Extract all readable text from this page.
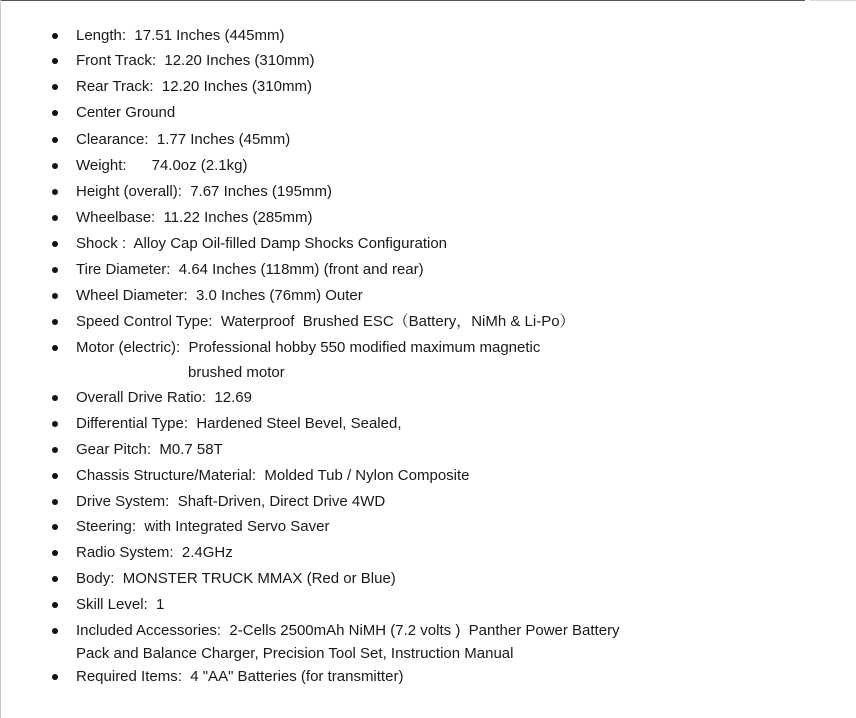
Length:  17.51 Inches (445mm)
Front Track:  12.20 Inches (310mm)
Rear Track:  12.20 Inches (310mm)
Center Ground
Clearance:  1.77 Inches (45mm)
Weight:      74.0oz (2.1kg)
Height (overall):  7.67 Inches (195mm)
Wheelbase:  11.22 Inches (285mm)
Shock :  Alloy Cap Oil-filled Damp Shocks Configuration
Tire Diameter:  4.64 Inches (118mm) (front and rear)
Wheel Diameter:  3.0 Inches (76mm) Outer
Speed Control Type:  Waterproof  Brushed ESC（Battery，NiMh & Li-Po）
Motor (electric):  Professional hobby 550 modified maximum magnetic
brushed motor
Overall Drive Ratio:  12.69
Differential Type:  Hardened Steel Bevel, Sealed,
Gear Pitch:  M0.7 58T
Chassis Structure/Material:  Molded Tub / Nylon Composite
Drive System:  Shaft-Driven, Direct Drive 4WD
Steering:  with Integrated Servo Saver
Radio System:  2.4GHz
Body:  MONSTER TRUCK MMAX (Red or Blue)
Skill Level:  1
Included Accessories:  2-Cells 2500mAh NiMH (7.2 volts )  Panther Power Battery
Pack and Balance Charger, Precision Tool Set, Instruction Manual
Required Items:  4 "AA" Batteries (for transmitter)
